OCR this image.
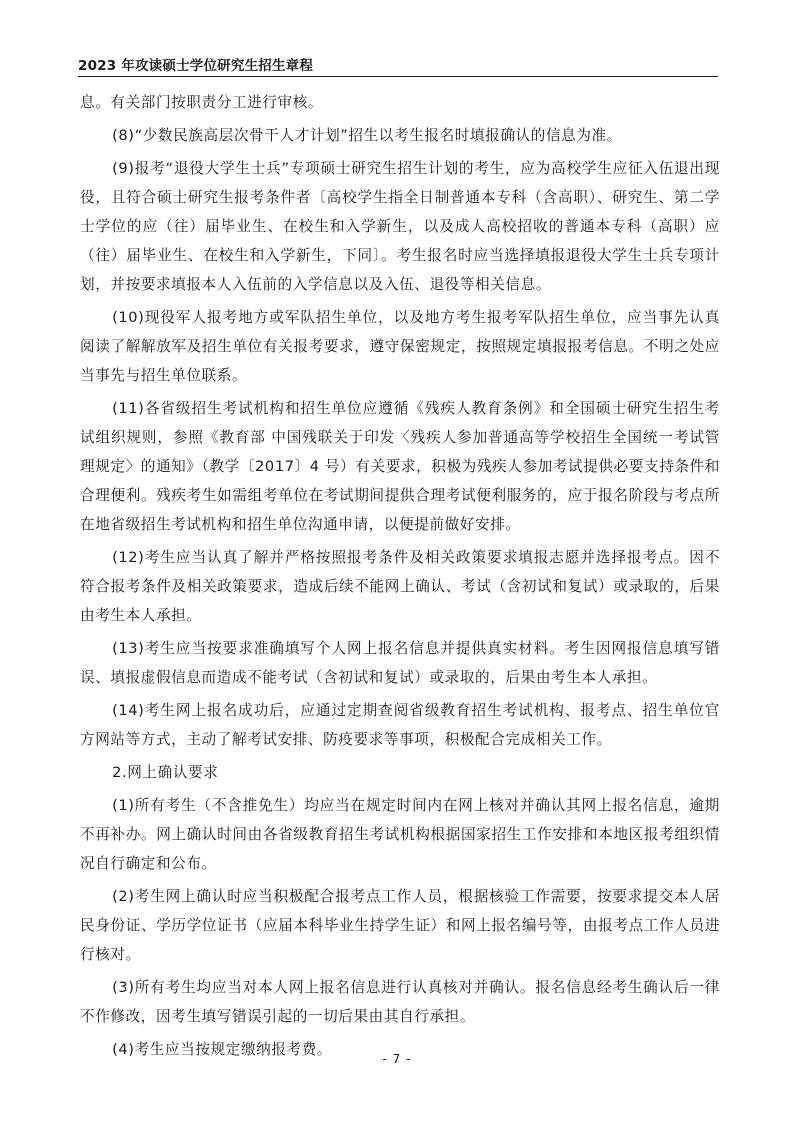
2023 年攻读硕士学位研究生招生章程

息。有关部门按职责分工进行审核。

(8)“少数民族高层次骨干人才计划”招生以考生报名时填报确认的信息为准。

(9)报考“退役大学生士兵”专项硕士研究生招生计划的考生，应为高校学生应征入伍退出现役，且符合硕士研究生报考条件者〔高校学生指全日制普通本专科（含高职）、研究生、第二学士学位的应（往）届毕业生、在校生和入学新生，以及成人高校招收的普通本专科（高职）应（往）届毕业生、在校生和入学新生，下同〕。考生报名时应当选择填报退役大学生士兵专项计划，并按要求填报本人入伍前的入学信息以及入伍、退役等相关信息。

(10)现役军人报考地方或军队招生单位，以及地方考生报考军队招生单位，应当事先认真阅读了解解放军及招生单位有关报考要求，遵守保密规定，按照规定填报报考信息。不明之处应当事先与招生单位联系。

(11)各省级招生考试机构和招生单位应遵循《残疾人教育条例》和全国硕士研究生招生考试组织规则，参照《教育部 中国残联关于印发〈残疾人参加普通高等学校招生全国统一考试管理规定〉的通知》（教学〔2017〕4 号）有关要求，积极为残疾人参加考试提供必要支持条件和合理便利。残疾考生如需组考单位在考试期间提供合理考试便利服务的，应于报名阶段与考点所在地省级招生考试机构和招生单位沟通申请，以便提前做好安排。

(12)考生应当认真了解并严格按照报考条件及相关政策要求填报志愿并选择报考点。因不符合报考条件及相关政策要求，造成后续不能网上确认、考试（含初试和复试）或录取的，后果由考生本人承担。

(13)考生应当按要求准确填写个人网上报名信息并提供真实材料。考生因网报信息填写错误、填报虚假信息而造成不能考试（含初试和复试）或录取的，后果由考生本人承担。

(14)考生网上报名成功后，应通过定期查阅省级教育招生考试机构、报考点、招生单位官方网站等方式，主动了解考试安排、防疫要求等事项，积极配合完成相关工作。

2.网上确认要求

(1)所有考生（不含推免生）均应当在规定时间内在网上核对并确认其网上报名信息，逾期不再补办。网上确认时间由各省级教育招生考试机构根据国家招生工作安排和本地区报考组织情况自行确定和公布。

(2)考生网上确认时应当积极配合报考点工作人员，根据核验工作需要，按要求提交本人居民身份证、学历学位证书（应届本科毕业生持学生证）和网上报名编号等，由报考点工作人员进行核对。

(3)所有考生均应当对本人网上报名信息进行认真核对并确认。报名信息经考生确认后一律不作修改，因考生填写错误引起的一切后果由其自行承担。

(4)考生应当按规定缴纳报考费。

- 7 -
